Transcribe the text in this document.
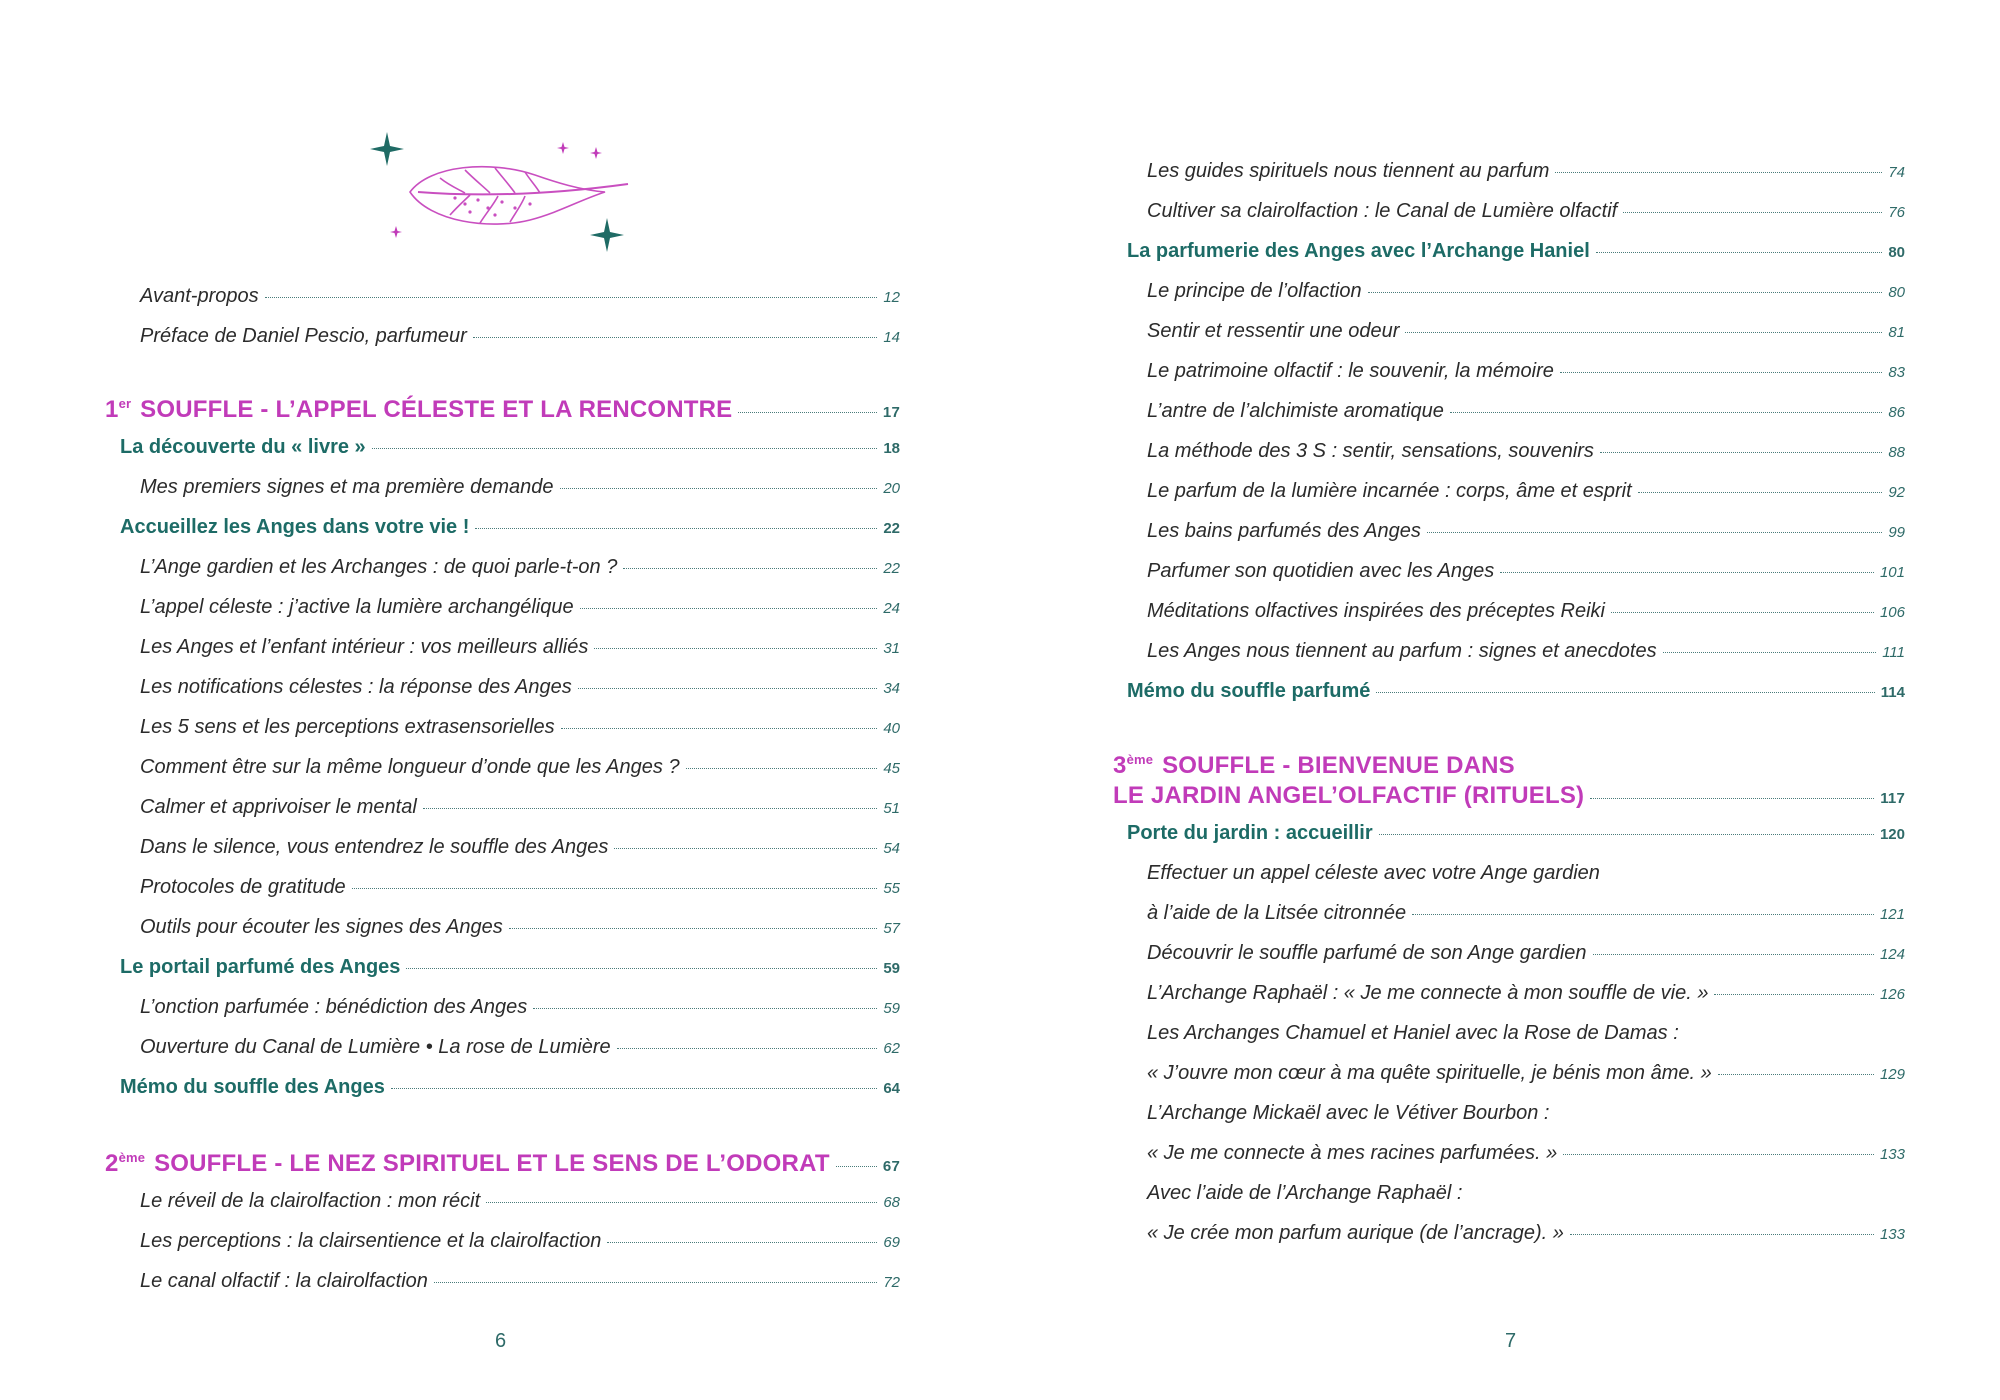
Avant-propos	12
Préface de Daniel Pescio, parfumeur	14
1er SOUFFLE - L’APPEL CÉLESTE ET LA RENCONTRE	17
La découverte du « livre »	18
Mes premiers signes et ma première demande	20
Accueillez les Anges dans votre vie !	22
L’Ange gardien et les Archanges : de quoi parle-t-on ?	22
L’appel céleste : j’active la lumière archangélique	24
Les Anges et l’enfant intérieur : vos meilleurs alliés	31
Les notifications célestes : la réponse des Anges	34
Les 5 sens et les perceptions extrasensorielles	40
Comment être sur la même longueur d’onde que les Anges ?	45
Calmer et apprivoiser le mental	51
Dans le silence, vous entendrez le souffle des Anges	54
Protocoles de gratitude	55
Outils pour écouter les signes des Anges	57
Le portail parfumé des Anges	59
L’onction parfumée : bénédiction des Anges	59
Ouverture du Canal de Lumière • La rose de Lumière	62
Mémo du souffle des Anges	64
2ème SOUFFLE - LE NEZ SPIRITUEL ET LE SENS DE L’ODORAT	67
Le réveil de la clairolfaction : mon récit	68
Les perceptions : la clairsentience et la clairolfaction	69
Le canal olfactif : la clairolfaction	72
6
Les guides spirituels nous tiennent au parfum	74
Cultiver sa clairolfaction : le Canal de Lumière olfactif	76
La parfumerie des Anges avec l’Archange Haniel	80
Le principe de l’olfaction	80
Sentir et ressentir une odeur	81
Le patrimoine olfactif : le souvenir, la mémoire	83
L’antre de l’alchimiste aromatique	86
La méthode des 3 S : sentir, sensations, souvenirs	88
Le parfum de la lumière incarnée : corps, âme et esprit	92
Les bains parfumés des Anges	99
Parfumer son quotidien avec les Anges	101
Méditations olfactives inspirées des préceptes Reiki	106
Les Anges nous tiennent au parfum : signes et anecdotes	111
Mémo du souffle parfumé	114
3ème SOUFFLE - BIENVENUE DANS
LE JARDIN ANGEL’OLFACTIF (RITUELS)	117
Porte du jardin : accueillir	120
Effectuer un appel céleste avec votre Ange gardien
à l’aide de la Litsée citronnée	121
Découvrir le souffle parfumé de son Ange gardien	124
L’Archange Raphaël : « Je me connecte à mon souffle de vie. »	126
Les Archanges Chamuel et Haniel avec la Rose de Damas :
« J’ouvre mon cœur à ma quête spirituelle, je bénis mon âme. »	129
L’Archange Mickaël avec le Vétiver Bourbon :
« Je me connecte à mes racines parfumées. »	133
Avec l’aide de l’Archange Raphaël :
« Je crée mon parfum aurique (de l’ancrage). »	133
7
